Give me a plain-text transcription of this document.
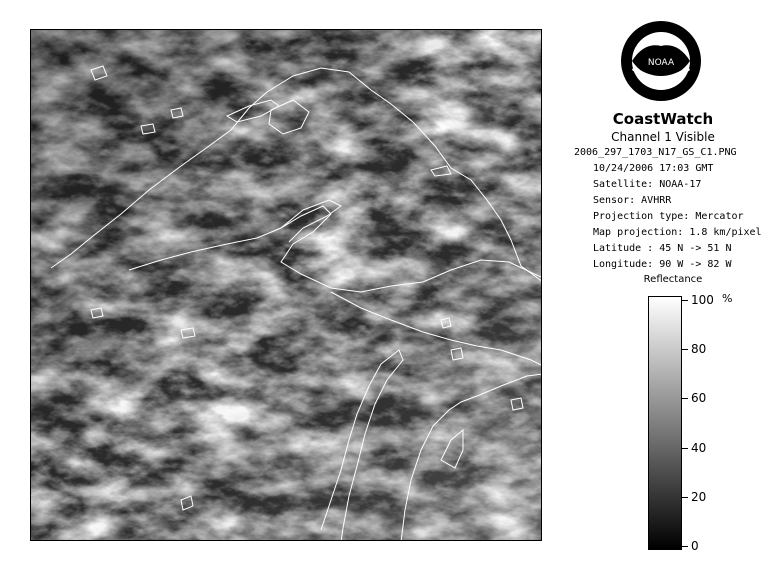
NOAA
CoastWatch
Channel 1 Visible
2006_297_1703_N17_GS_C1.PNG
10/24/2006 17:03 GMT
Satellite: NOAA-17
Sensor: AVHRR
Projection type: Mercator
Map projection: 1.8 km/pixel
Latitude : 45 N -> 51 N
Longitude: 90 W -> 82 W
Reflectance
%
100
80
60
40
20
0
